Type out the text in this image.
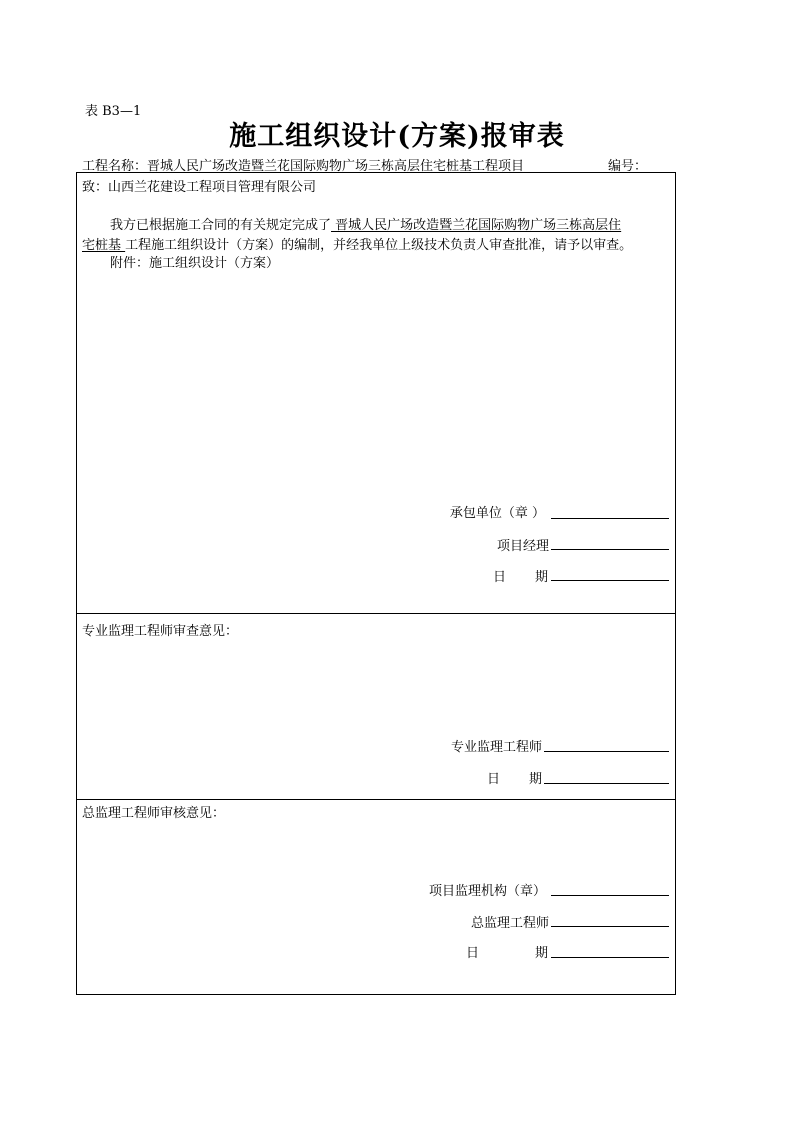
表 B3—1
施工组织设计(方案)报审表
工程名称：晋城人民广场改造暨兰花国际购物广场三栋高层住宅桩基工程项目	编号：
致：山西兰花建设工程项目管理有限公司
我方已根据施工合同的有关规定完成了 晋城人民广场改造暨兰花国际购物广场三栋高层住
宅桩基 工程施工组织设计（方案）的编制，并经我单位上级技术负责人审查批准，请予以审查。
附件：施工组织设计（方案）
承包单位（章 ）
项目经理
日 期
专业监理工程师审查意见：
专业监理工程师
日 期
总监理工程师审核意见：
项目监理机构（章）
总监理工程师
日	期
